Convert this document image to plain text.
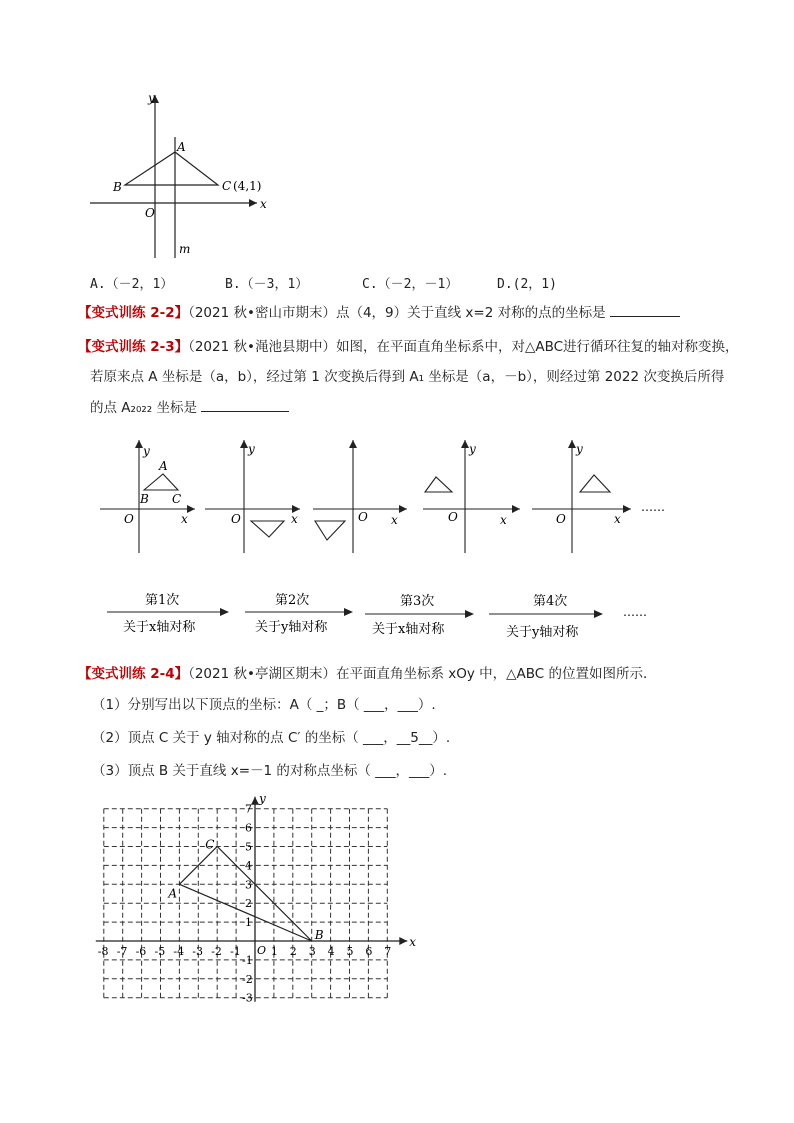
y
x
O
A
B	C (4,1)
m
A.（－2，1）	B.（－3，1）	C.（－2，－1）	D.(2，1)
【变式训练 2-2】（2021 秋•密山市期末）点（4，9）关于直线 x=2 对称的点的坐标是
【变式训练 2-3】（2021 秋•渑池县期中）如图，在平面直角坐标系中，对△ABC进行循环往复的轴对称变换，
若原来点 A 坐标是（a，b），经过第 1 次变换后得到 A₁ 坐标是（a，－b），则经过第 2022 次变换后所得
的点 A₂₀₂₂ 坐标是
y
x
O
A
B C
y
x
O	O x
y
x
O
y
x
O
……
第1次
关于x轴对称
第2次
关于y轴对称
第3次
关于x轴对称
第4次
关于y轴对称
……
【变式训练 2-4】（2021 秋•亭湖区期末）在平面直角坐标系 xOy 中，△ABC 的位置如图所示．
（1）分别写出以下顶点的坐标：A（ _；B（ ___，___）.
（2）顶点 C 关于 y 轴对称的点 C′ 的坐标（ ___，__5__）.
（3）顶点 B 关于直线 x=－1 的对称点坐标（ ___，___）.
-8 -7 -6 -5 -4 -3 -2 -1	1 2 3 4 5 6 7
7
6
5
4
3
2
1
-1
-2
-3
A
B
C
O
x
y
